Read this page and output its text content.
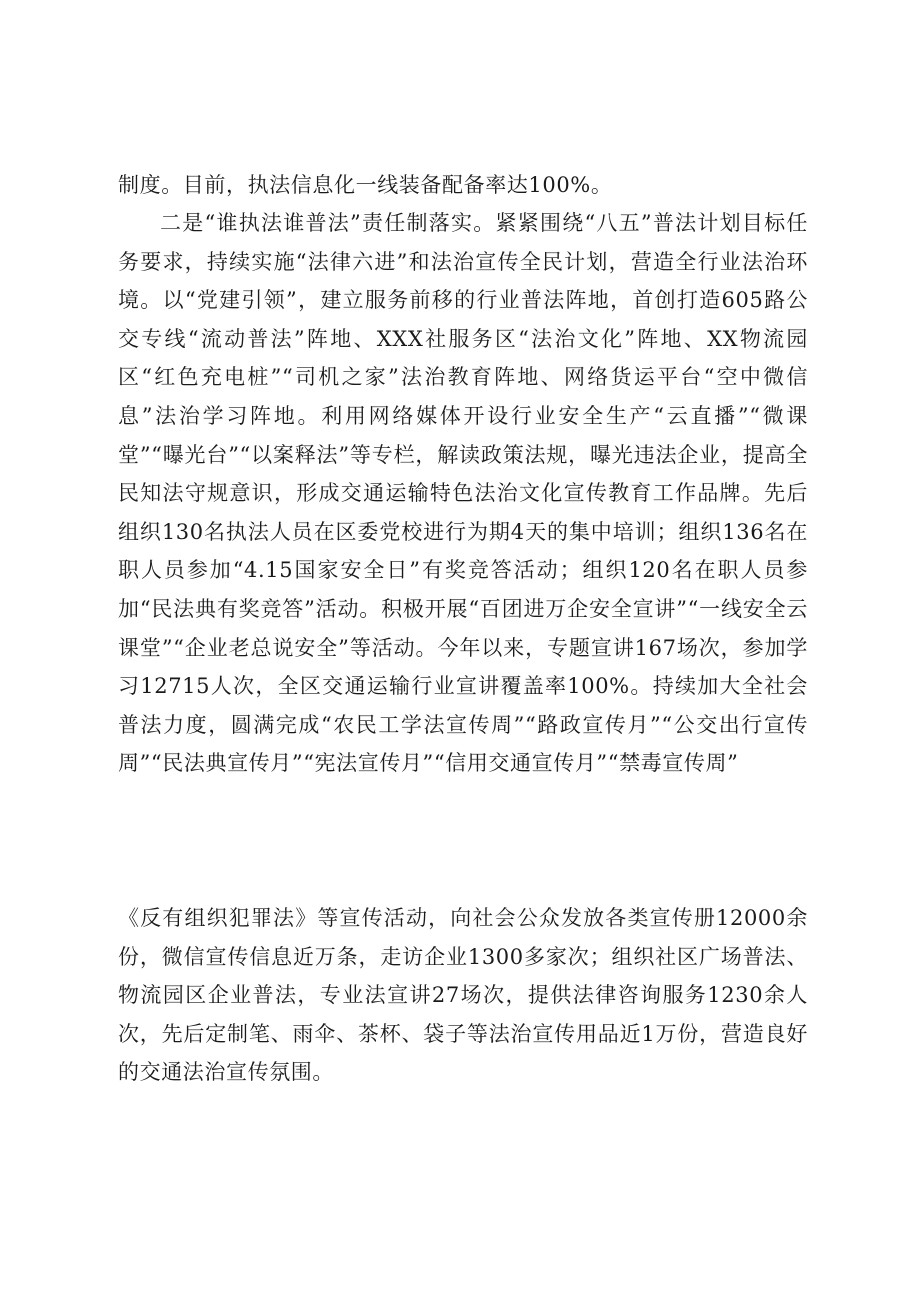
制度。目前，执法信息化一线装备配备率达100%。

二是“谁执法谁普法”责任制落实。紧紧围绕“八五”普法计划目标任务要求，持续实施“法律六进”和法治宣传全民计划，营造全行业法治环境。以“党建引领”，建立服务前移的行业普法阵地，首创打造605路公交专线“流动普法”阵地、XXX社服务区“法治文化”阵地、XX物流园区“红色充电桩”“司机之家”法治教育阵地、网络货运平台“空中微信息”法治学习阵地。利用网络媒体开设行业安全生产“云直播”“微课堂”“曝光台”“以案释法”等专栏，解读政策法规，曝光违法企业，提高全民知法守规意识，形成交通运输特色法治文化宣传教育工作品牌。先后组织130名执法人员在区委党校进行为期4天的集中培训；组织136名在职人员参加“4.15国家安全日”有奖竞答活动；组织120名在职人员参加“民法典有奖竞答”活动。积极开展“百团进万企安全宣讲”“一线安全云课堂”“企业老总说安全”等活动。今年以来，专题宣讲167场次，参加学习12715人次，全区交通运输行业宣讲覆盖率100%。持续加大全社会普法力度，圆满完成“农民工学法宣传周”“路政宣传月”“公交出行宣传周”“民法典宣传月”“宪法宣传月”“信用交通宣传月”“禁毒宣传周”

《反有组织犯罪法》等宣传活动，向社会公众发放各类宣传册12000余份，微信宣传信息近万条，走访企业1300多家次；组织社区广场普法、物流园区企业普法，专业法宣讲27场次，提供法律咨询服务1230余人次，先后定制笔、雨伞、茶杯、袋子等法治宣传用品近1万份，营造良好的交通法治宣传氛围。
